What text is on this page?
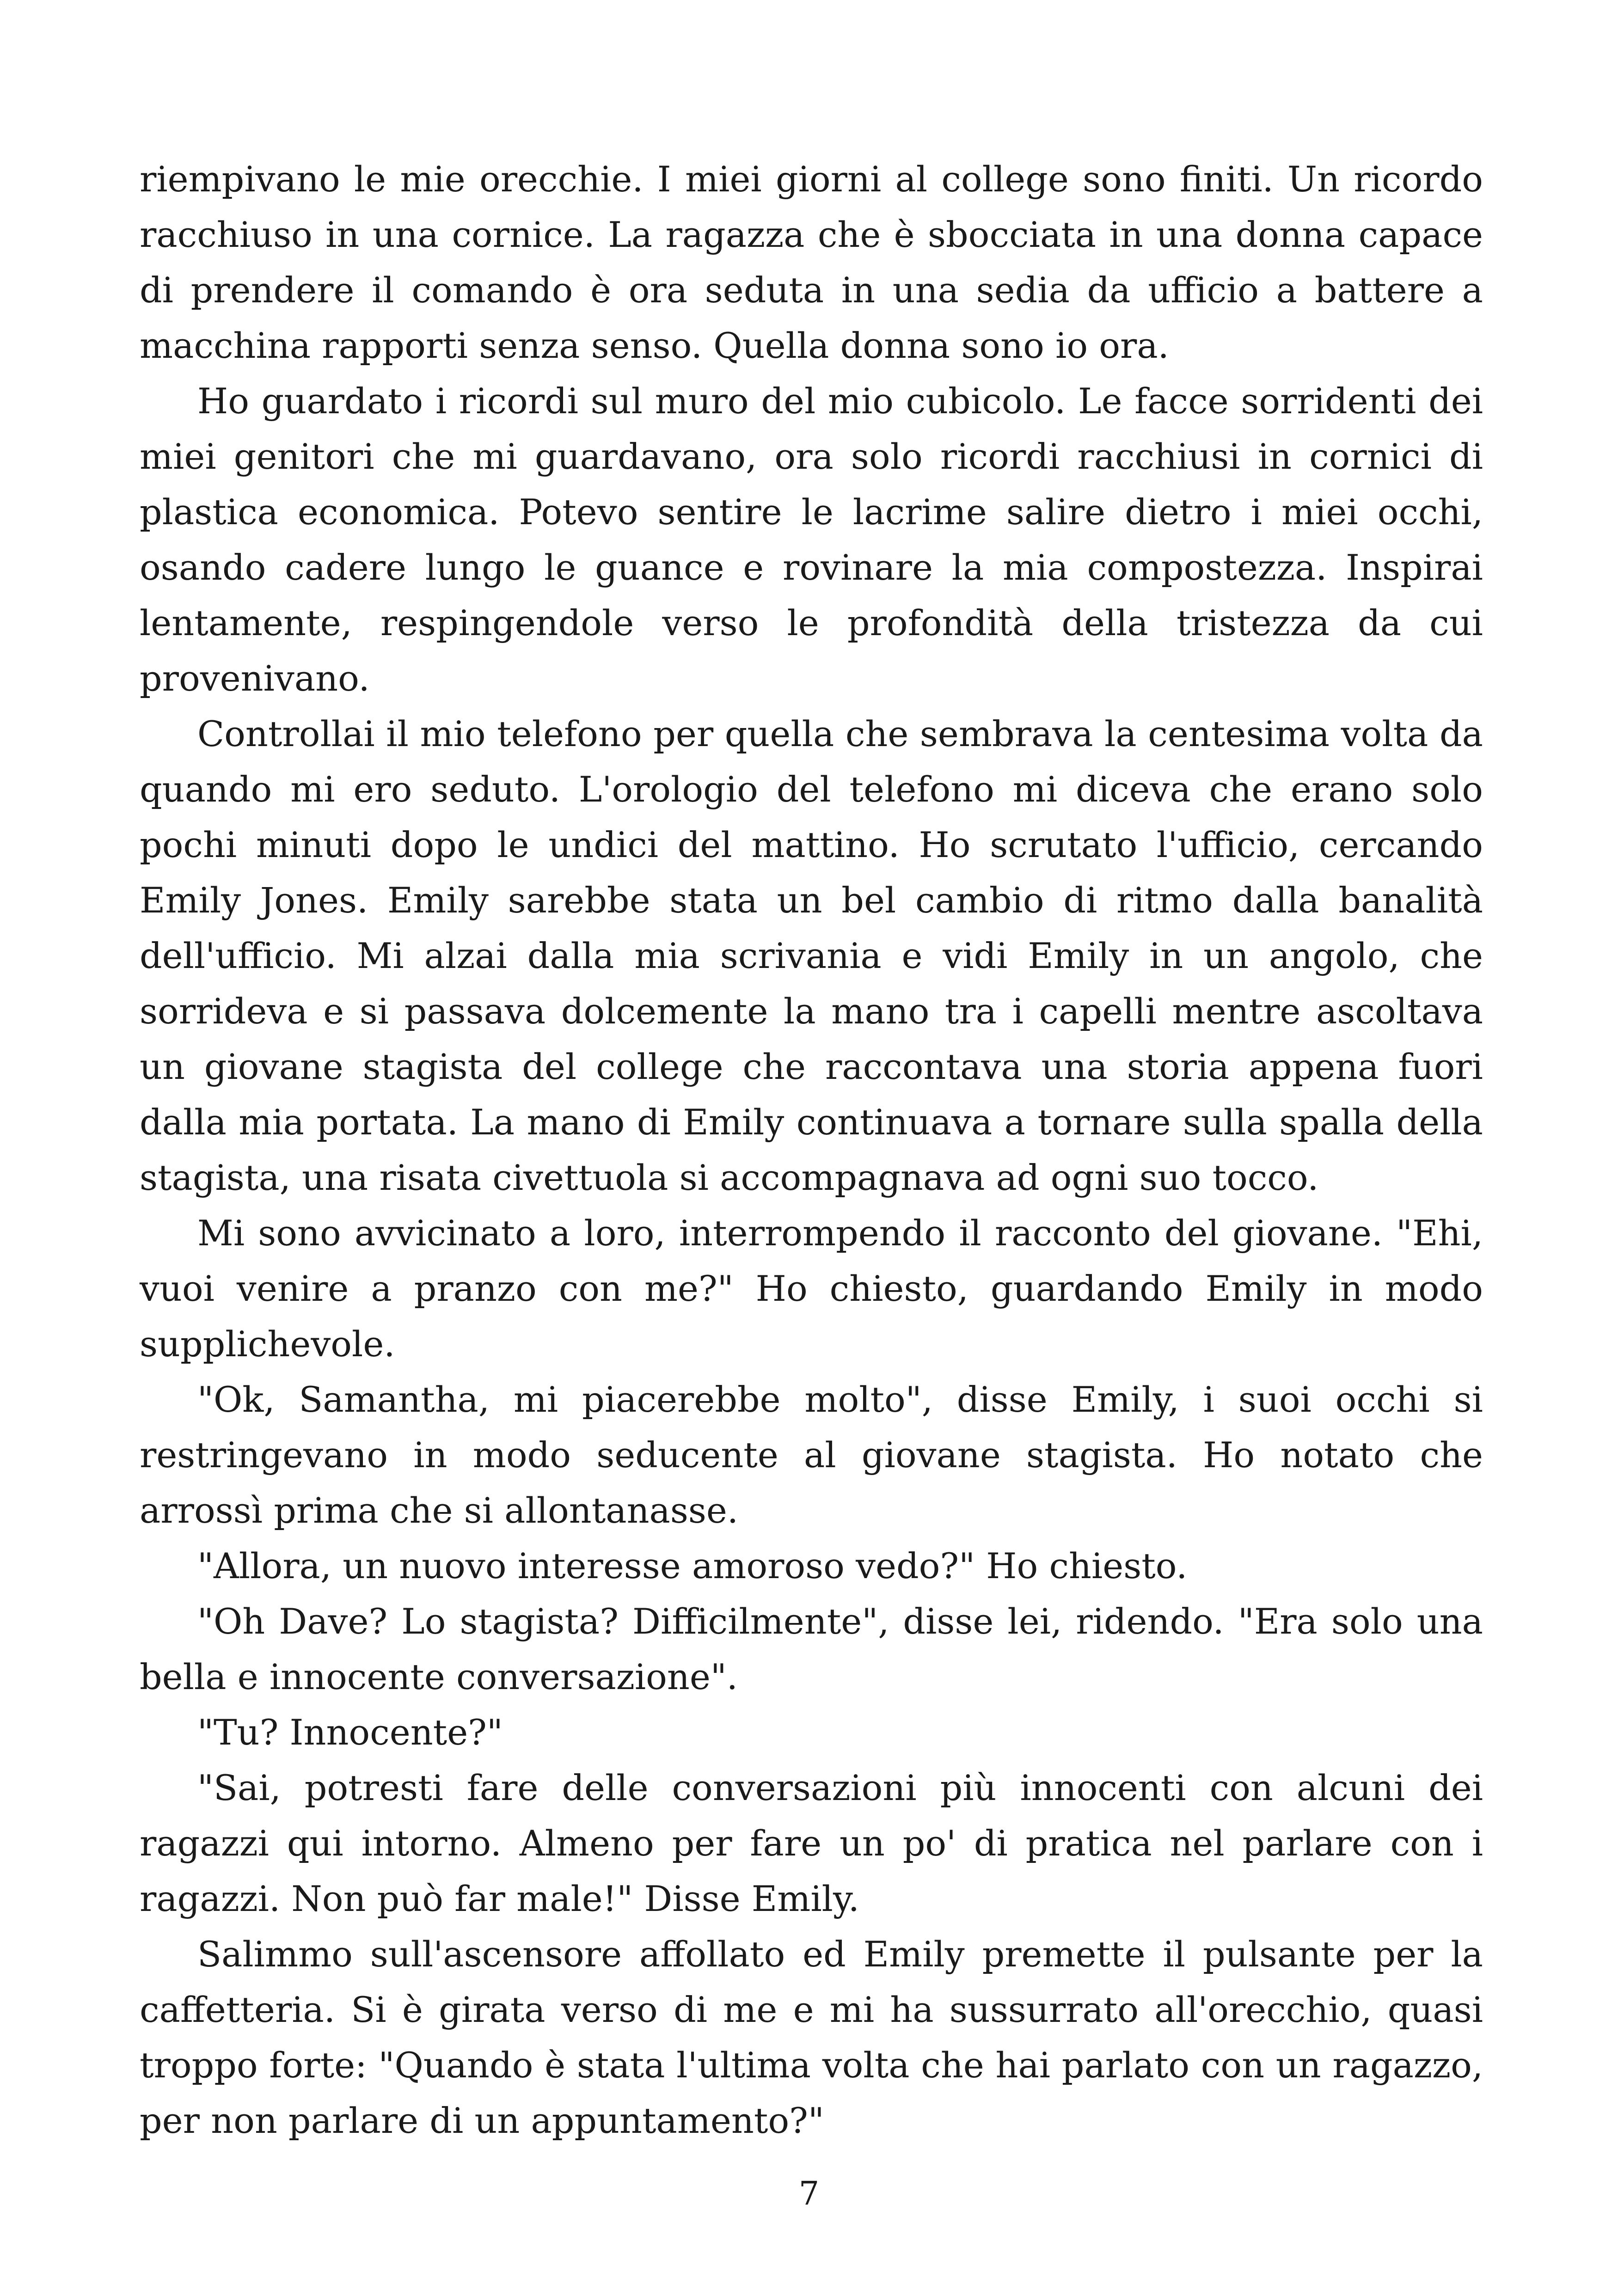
riempivano le mie orecchie. I miei giorni al college sono finiti. Un ricordo racchiuso in una cornice. La ragazza che è sbocciata in una donna capace di prendere il comando è ora seduta in una sedia da ufficio a battere a macchina rapporti senza senso. Quella donna sono io ora.

Ho guardato i ricordi sul muro del mio cubicolo. Le facce sorridenti dei miei genitori che mi guardavano, ora solo ricordi racchiusi in cornici di plastica economica. Potevo sentire le lacrime salire dietro i miei occhi, osando cadere lungo le guance e rovinare la mia compostezza. Inspirai lentamente, respingendole verso le profondità della tristezza da cui provenivano.

Controllai il mio telefono per quella che sembrava la centesima volta da quando mi ero seduto. L'orologio del telefono mi diceva che erano solo pochi minuti dopo le undici del mattino. Ho scrutato l'ufficio, cercando Emily Jones. Emily sarebbe stata un bel cambio di ritmo dalla banalità dell'ufficio. Mi alzai dalla mia scrivania e vidi Emily in un angolo, che sorrideva e si passava dolcemente la mano tra i capelli mentre ascoltava un giovane stagista del college che raccontava una storia appena fuori dalla mia portata. La mano di Emily continuava a tornare sulla spalla della stagista, una risata civettuola si accompagnava ad ogni suo tocco.

Mi sono avvicinato a loro, interrompendo il racconto del giovane. "Ehi, vuoi venire a pranzo con me?" Ho chiesto, guardando Emily in modo supplichevole.

"Ok, Samantha, mi piacerebbe molto", disse Emily, i suoi occhi si restringevano in modo seducente al giovane stagista. Ho notato che arrossì prima che si allontanasse.

"Allora, un nuovo interesse amoroso vedo?" Ho chiesto.

"Oh Dave? Lo stagista? Difficilmente", disse lei, ridendo. "Era solo una bella e innocente conversazione".

"Tu? Innocente?"

"Sai, potresti fare delle conversazioni più innocenti con alcuni dei ragazzi qui intorno. Almeno per fare un po' di pratica nel parlare con i ragazzi. Non può far male!" Disse Emily.

Salimmo sull'ascensore affollato ed Emily premette il pulsante per la caffetteria. Si è girata verso di me e mi ha sussurrato all'orecchio, quasi troppo forte: "Quando è stata l'ultima volta che hai parlato con un ragazzo, per non parlare di un appuntamento?"

7
